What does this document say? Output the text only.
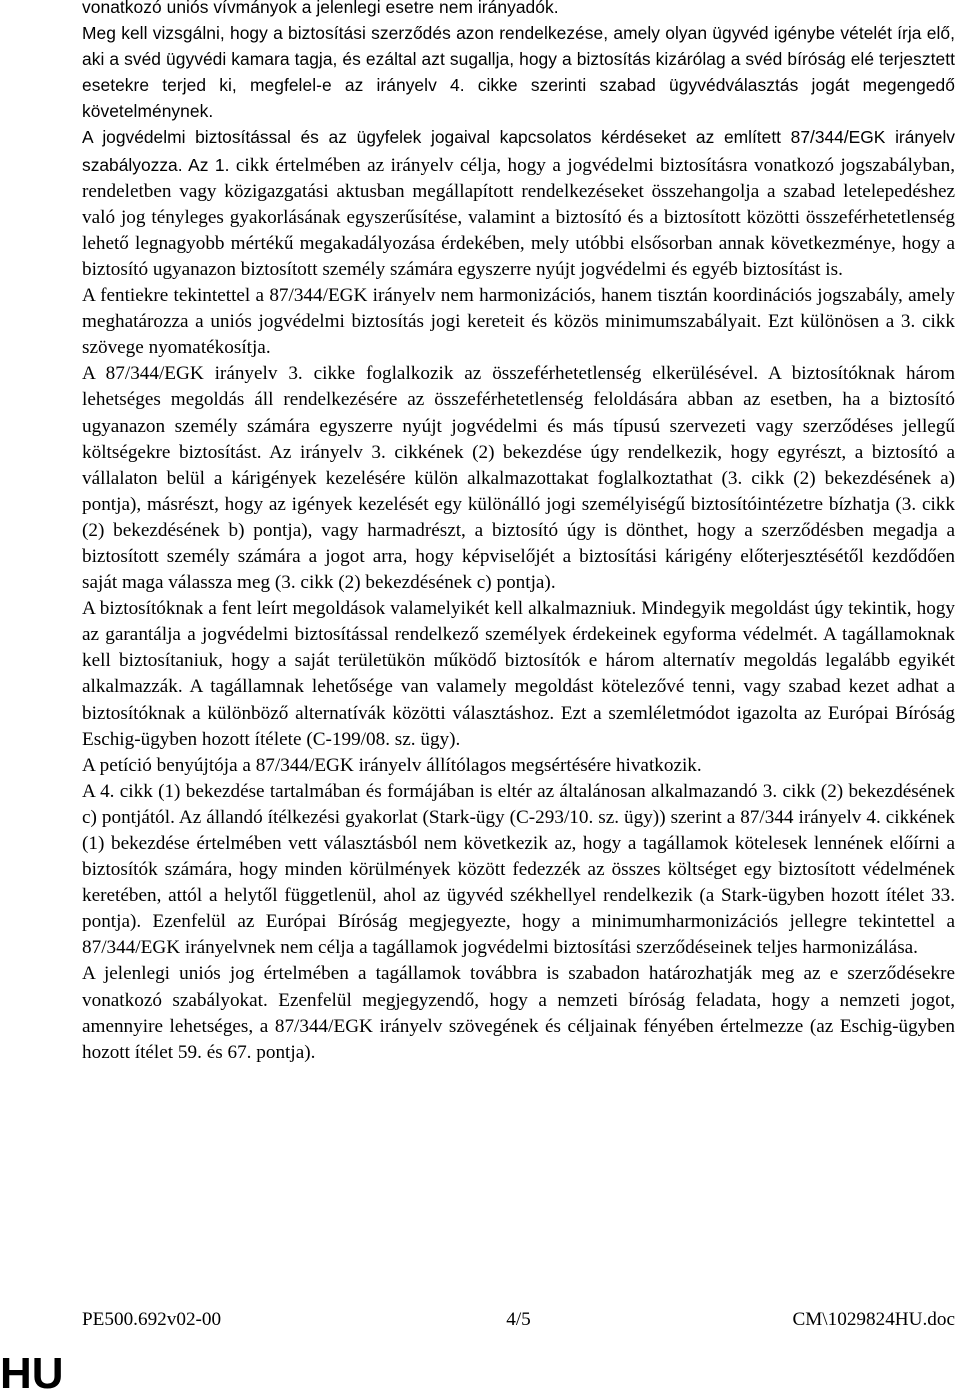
vonatkozó uniós vívmányok a jelenlegi esetre nem irányadók.

Meg kell vizsgálni, hogy a biztosítási szerződés azon rendelkezése, amely olyan ügyvéd igénybe vételét írja elő, aki a svéd ügyvédi kamara tagja, és ezáltal azt sugallja, hogy a biztosítás kizárólag a svéd bíróság elé terjesztett esetekre terjed ki, megfelel-e az irányelv 4. cikke szerinti szabad ügyvédválasztás jogát megengedő követelménynek.

A jogvédelmi biztosítással és az ügyfelek jogaival kapcsolatos kérdéseket az említett 87/344/EGK irányelv szabályozza. Az 1. cikk értelmében az irányelv célja, hogy a jogvédelmi biztosításra vonatkozó jogszabályban, rendeletben vagy közigazgatási aktusban megállapított rendelkezéseket összehangolja a szabad letelepedéshez való jog tényleges gyakorlásának egyszerűsítése, valamint a biztosító és a biztosított közötti összeférhetetlenség lehető legnagyobb mértékű megakadályozása érdekében, mely utóbbi elsősorban annak következménye, hogy a biztosító ugyanazon biztosított személy számára egyszerre nyújt jogvédelmi és egyéb biztosítást is.

A fentiekre tekintettel a 87/344/EGK irányelv nem harmonizációs, hanem tisztán koordinációs jogszabály, amely meghatározza a uniós jogvédelmi biztosítás jogi kereteit és közös minimumszabályait. Ezt különösen a 3. cikk szövege nyomatékosítja.

A 87/344/EGK irányelv 3. cikke foglalkozik az összeférhetetlenség elkerülésével. A biztosítóknak három lehetséges megoldás áll rendelkezésére az összeférhetetlenség feloldására abban az esetben, ha a biztosító ugyanazon személy számára egyszerre nyújt jogvédelmi és más típusú szervezeti vagy szerződéses jellegű költségekre biztosítást. Az irányelv 3. cikkének (2) bekezdése úgy rendelkezik, hogy egyrészt, a biztosító a vállalaton belül a kárigények kezelésére külön alkalmazottakat foglalkoztathat (3. cikk (2) bekezdésének a) pontja), másrészt, hogy az igények kezelését egy különálló jogi személyiségű biztosítóintézetre bízhatja (3. cikk (2) bekezdésének b) pontja), vagy harmadrészt, a biztosító úgy is dönthet, hogy a szerződésben megadja a biztosított személy számára a jogot arra, hogy képviselőjét a biztosítási kárigény előterjesztésétől kezdődően saját maga válassza meg (3. cikk (2) bekezdésének c) pontja).

A biztosítóknak a fent leírt megoldások valamelyikét kell alkalmazniuk. Mindegyik megoldást úgy tekintik, hogy az garantálja a jogvédelmi biztosítással rendelkező személyek érdekeinek egyforma védelmét. A tagállamoknak kell biztosítaniuk, hogy a saját területükön működő biztosítók e három alternatív megoldás legalább egyikét alkalmazzák. A tagállamnak lehetősége van valamely megoldást kötelezővé tenni, vagy szabad kezet adhat a biztosítóknak a különböző alternatívák közötti választáshoz. Ezt a szemléletmódot igazolta az Európai Bíróság Eschig-ügyben hozott ítélete (C-199/08. sz. ügy).

A petíció benyújtója a 87/344/EGK irányelv állítólagos megsértésére hivatkozik.

A 4. cikk (1) bekezdése tartalmában és formájában is eltér az általánosan alkalmazandó 3. cikk (2) bekezdésének c) pontjától. Az állandó ítélkezési gyakorlat (Stark-ügy (C-293/10. sz. ügy)) szerint a 87/344 irányelv 4. cikkének (1) bekezdése értelmében vett választásból nem következik az, hogy a tagállamok kötelesek lennének előírni a biztosítók számára, hogy minden körülmények között fedezzék az összes költséget egy biztosított védelmének keretében, attól a helytől függetlenül, ahol az ügyvéd székhellyel rendelkezik (a Stark-ügyben hozott ítélet 33. pontja). Ezenfelül az Európai Bíróság megjegyezte, hogy a minimumharmonizációs jellegre tekintettel a 87/344/EGK irányelvnek nem célja a tagállamok jogvédelmi biztosítási szerződéseinek teljes harmonizálása.

A jelenlegi uniós jog értelmében a tagállamok továbbra is szabadon határozhatják meg az e szerződésekre vonatkozó szabályokat. Ezenfelül megjegyzendő, hogy a nemzeti bíróság feladata, hogy a nemzeti jogot, amennyire lehetséges, a 87/344/EGK irányelv szövegének és céljainak fényében értelmezze (az Eschig-ügyben hozott ítélet 59. és 67. pontja).

PE500.692v02-00	4/5	CM\1029824HU.doc
HU
